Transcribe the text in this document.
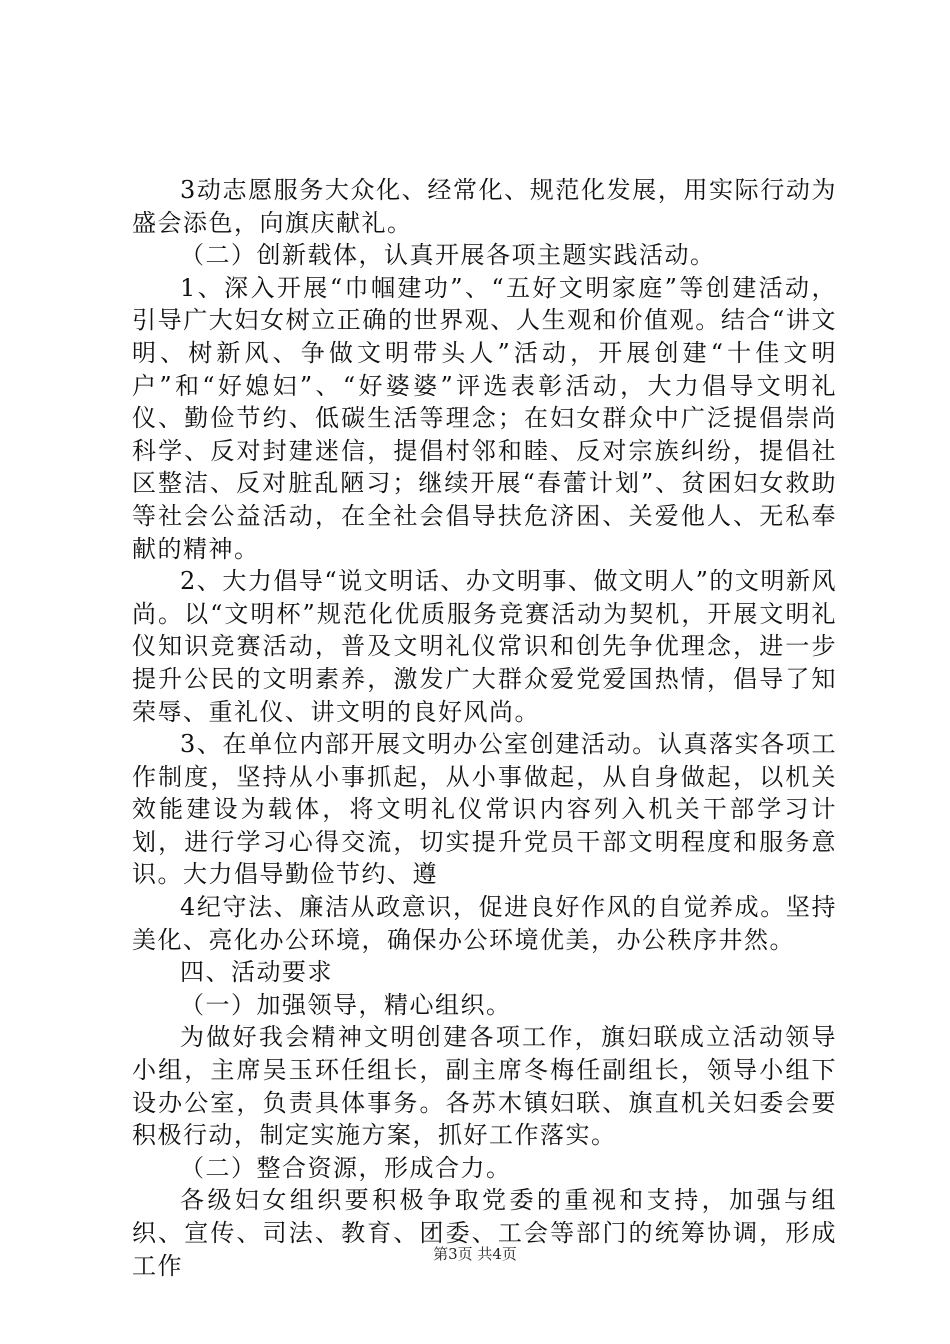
3动志愿服务大众化、经常化、规范化发展，用实际行动为盛会添色，向旗庆献礼。

（二）创新载体，认真开展各项主题实践活动。

1、深入开展“巾帼建功”、“五好文明家庭”等创建活动，引导广大妇女树立正确的世界观、人生观和价值观。结合“讲文明、树新风、争做文明带头人”活动，开展创建“十佳文明户”和“好媳妇”、“好婆婆”评选表彰活动，大力倡导文明礼仪、勤俭节约、低碳生活等理念；在妇女群众中广泛提倡崇尚科学、反对封建迷信，提倡村邻和睦、反对宗族纠纷，提倡社区整洁、反对脏乱陋习；继续开展“春蕾计划”、贫困妇女救助等社会公益活动，在全社会倡导扶危济困、关爱他人、无私奉献的精神。

2、大力倡导“说文明话、办文明事、做文明人”的文明新风尚。以“文明杯”规范化优质服务竞赛活动为契机，开展文明礼仪知识竞赛活动，普及文明礼仪常识和创先争优理念，进一步提升公民的文明素养，激发广大群众爱党爱国热情，倡导了知荣辱、重礼仪、讲文明的良好风尚。

3、在单位内部开展文明办公室创建活动。认真落实各项工作制度，坚持从小事抓起，从小事做起，从自身做起，以机关效能建设为载体，将文明礼仪常识内容列入机关干部学习计划，进行学习心得交流，切实提升党员干部文明程度和服务意识。大力倡导勤俭节约、遵

4纪守法、廉洁从政意识，促进良好作风的自觉养成。坚持美化、亮化办公环境，确保办公环境优美，办公秩序井然。

四、活动要求

（一）加强领导，精心组织。

为做好我会精神文明创建各项工作，旗妇联成立活动领导小组，主席吴玉环任组长，副主席冬梅任副组长，领导小组下设办公室，负责具体事务。各苏木镇妇联、旗直机关妇委会要积极行动，制定实施方案，抓好工作落实。

（二）整合资源，形成合力。

各级妇女组织要积极争取党委的重视和支持，加强与组织、宣传、司法、教育、团委、工会等部门的统筹协调，形成工作	第3页 共4页
